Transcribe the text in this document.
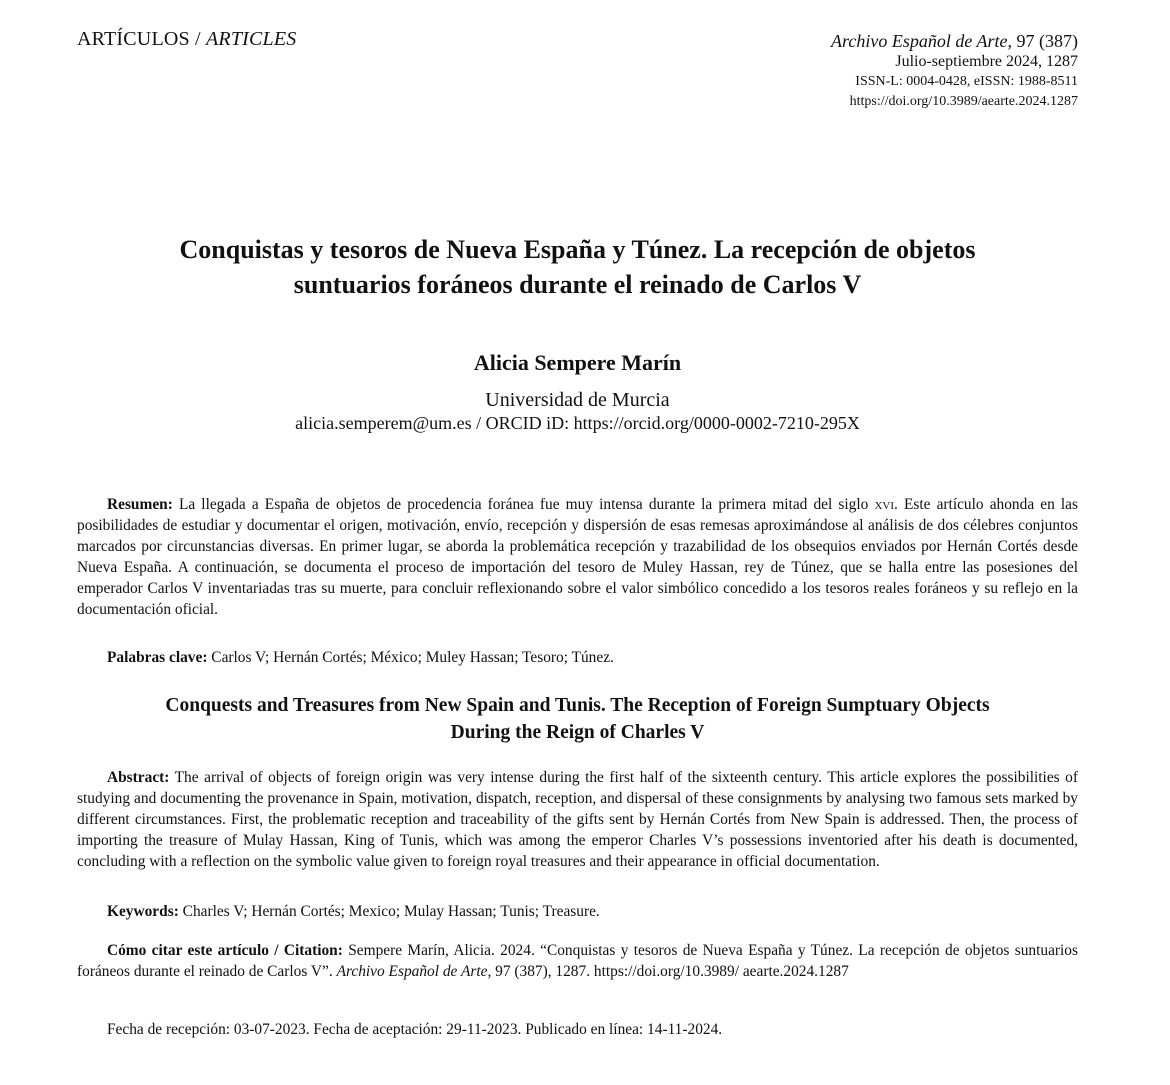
ARTÍCULOS / ARTICLES	Archivo Español de Arte, 97 (387)
Julio-septiembre 2024, 1287
ISSN-L: 0004-0428, eISSN: 1988-8511
https://doi.org/10.3989/aearte.2024.1287
Conquistas y tesoros de Nueva España y Túnez. La recepción de objetos
suntuarios foráneos durante el reinado de Carlos V
Alicia Sempere Marín
Universidad de Murcia
alicia.semperem@um.es / ORCID iD: https://orcid.org/0000-0002-7210-295X

Resumen: La llegada a España de objetos de procedencia foránea fue muy intensa durante la primera mitad del siglo xvi. Este artículo ahonda en las posibilidades de estudiar y documentar el origen, motivación, envío, recepción y dispersión de esas remesas aproximándose al análisis de dos célebres conjuntos marcados por circunstancias diversas. En primer lugar, se aborda la problemática recepción y trazabilidad de los obsequios enviados por Hernán Cortés desde Nueva España. A continuación, se documenta el proceso de importación del tesoro de Muley Hassan, rey de Túnez, que se halla entre las posesiones del emperador Carlos V inventariadas tras su muerte, para concluir reflexionando sobre el valor simbólico concedido a los tesoros reales foráneos y su reflejo en la documentación oficial.

Palabras clave: Carlos V; Hernán Cortés; México; Muley Hassan; Tesoro; Túnez.

Conquests and Treasures from New Spain and Tunis. The Reception of Foreign Sumptuary Objects
During the Reign of Charles V

Abstract: The arrival of objects of foreign origin was very intense during the first half of the sixteenth century. This article explores the possibilities of studying and documenting the provenance in Spain, motivation, dispatch, reception, and dispersal of these consignments by analysing two famous sets marked by different circumstances. First, the problematic reception and traceability of the gifts sent by Hernán Cortés from New Spain is addressed. Then, the process of importing the treasure of Mulay Hassan, King of Tunis, which was among the emperor Charles V’s possessions inventoried after his death is documented, concluding with a reflection on the symbolic value given to foreign royal treasures and their appearance in official documentation.

Keywords: Charles V; Hernán Cortés; Mexico; Mulay Hassan; Tunis; Treasure.

Cómo citar este artículo / Citation: Sempere Marín, Alicia. 2024. “Conquistas y tesoros de Nueva España y Túnez. La recepción de objetos suntuarios foráneos durante el reinado de Carlos V”. Archivo Español de Arte, 97 (387), 1287. https://doi.org/10.3989/ aearte.2024.1287

Fecha de recepción: 03-07-2023. Fecha de aceptación: 29-11-2023. Publicado en línea: 14-11-2024.
